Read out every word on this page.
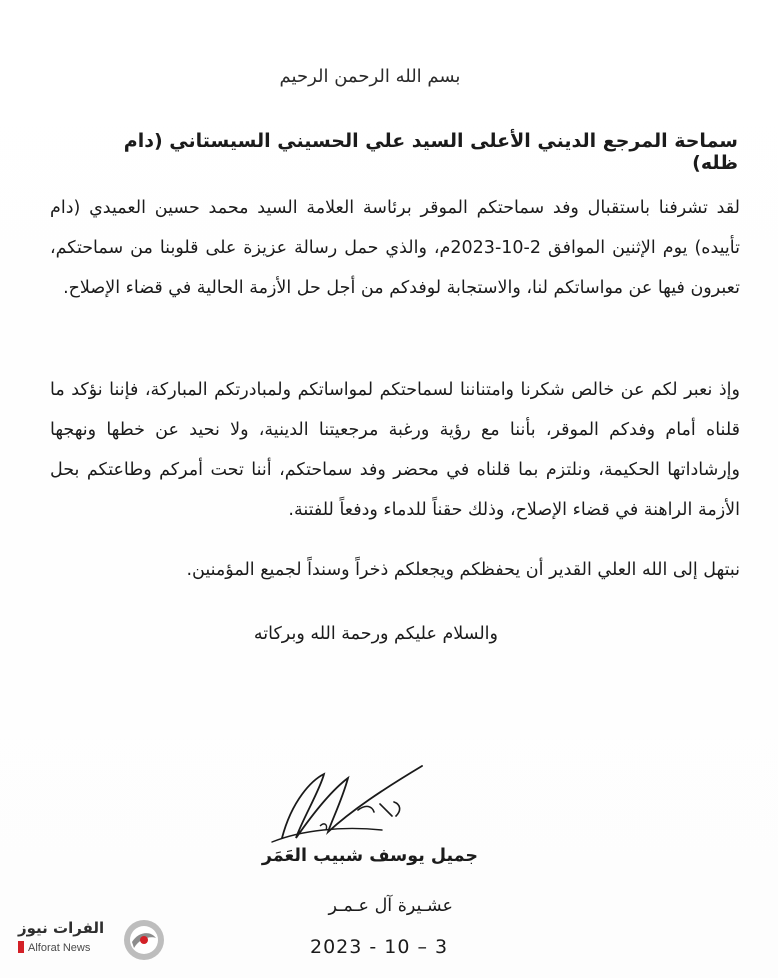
بسم الله الرحمن الرحيم
سماحة المرجع الديني الأعلى السيد علي الحسيني السيستاني (دام ظله)
لقد تشرفنا باستقبال وفد سماحتكم الموقر برئاسة العلامة السيد محمد حسين العميدي (دام تأييده) يوم الإثنين الموافق 2-10-2023م، والذي حمل رسالة عزيزة على قلوبنا من سماحتكم، تعبرون فيها عن مواساتكم لنا، والاستجابة لوفدكم من أجل حل الأزمة الحالية في قضاء الإصلاح.
وإذ نعبر لكم عن خالص شكرنا وامتناننا لسماحتكم لمواساتكم ولمبادرتكم المباركة، فإننا نؤكد ما قلناه أمام وفدكم الموقر، بأننا مع رؤية ورغبة مرجعيتنا الدينية، ولا نحيد عن خطها ونهجها وإرشاداتها الحكيمة، ونلتزم بما قلناه في محضر وفد سماحتكم، أننا تحت أمركم وطاعتكم بحل الأزمة الراهنة في قضاء الإصلاح، وذلك حقناً للدماء ودفعاً للفتنة.
نبتهل إلى الله العلي القدير أن يحفظكم ويجعلكم ذخراً وسنداً لجميع المؤمنين.
والسلام عليكم ورحمة الله وبركاته
جميل يوسف شبيب العَمَر
عشـيرة آل عـمـر
2023 - 10 – 3
الفرات نيوز
Alforat News
